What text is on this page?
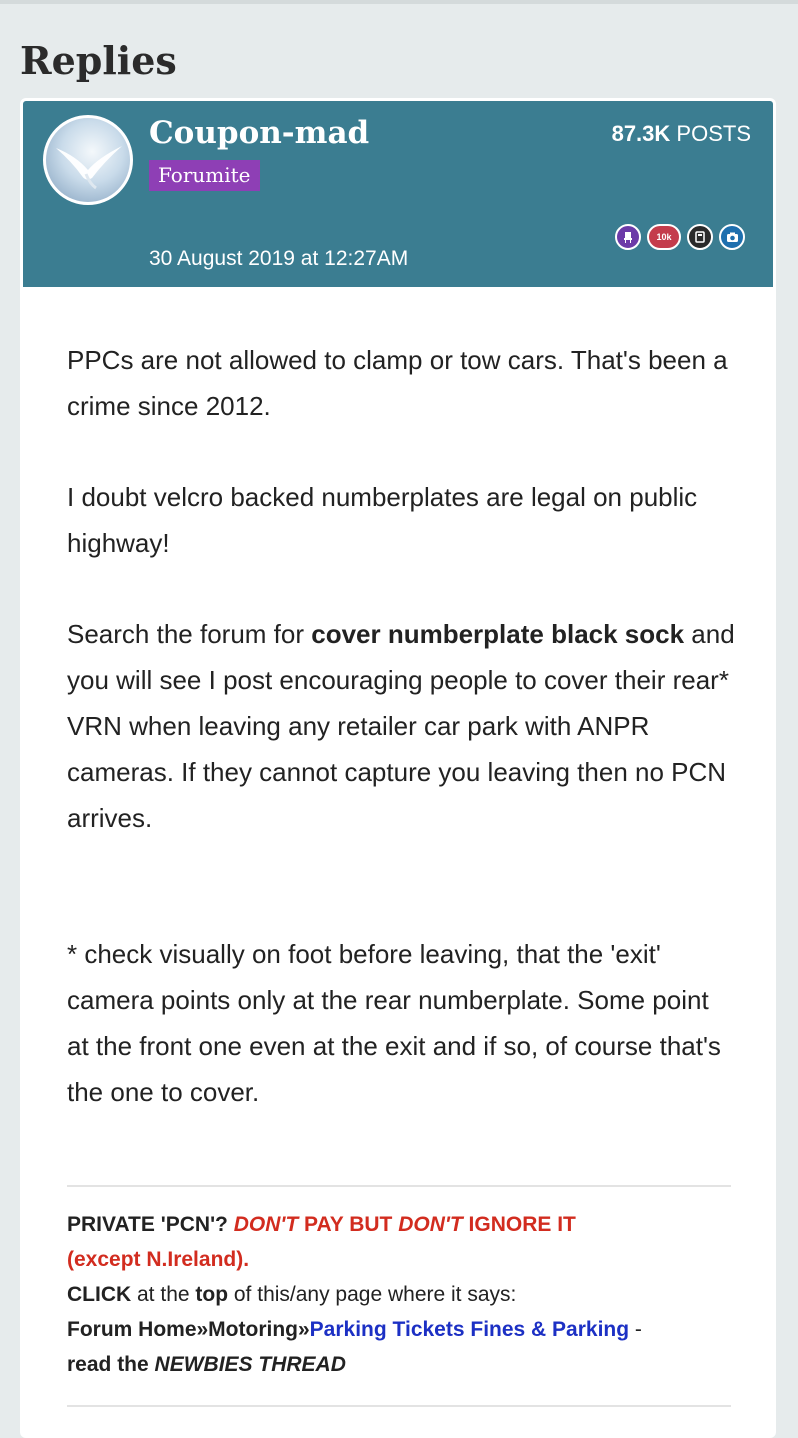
Replies
Coupon-mad
Forumite
87.3K POSTS
10k
30 August 2019 at 12:27AM

PPCs are not allowed to clamp or tow cars. That's been a crime since 2012.

I doubt velcro backed numberplates are legal on public highway!

Search the forum for cover numberplate black sock and you will see I post encouraging people to cover their rear* VRN when leaving any retailer car park with ANPR cameras. If they cannot capture you leaving then no PCN arrives.

* check visually on foot before leaving, that the 'exit' camera points only at the rear numberplate. Some point at the front one even at the exit and if so, of course that's the one to cover.

PRIVATE 'PCN'? DON'T PAY BUT DON'T IGNORE IT

(except N.Ireland).

CLICK at the top of this/any page where it says:

Forum Home»Motoring»Parking Tickets Fines & Parking -

read the NEWBIES THREAD
